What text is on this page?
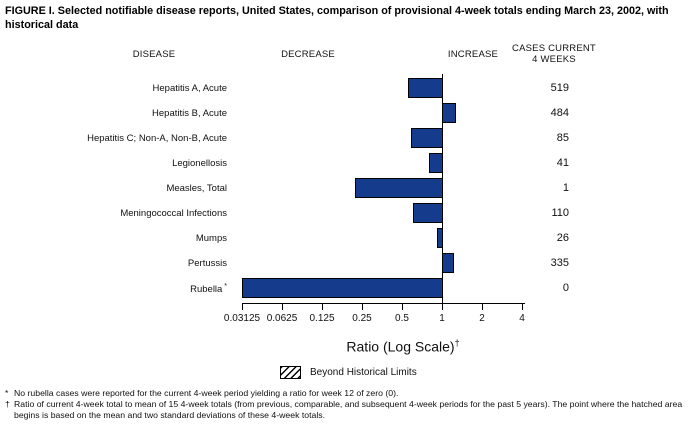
FIGURE I. Selected notifiable disease reports, United States, comparison of provisional 4-week totals ending March 23, 2002, with historical data
DISEASE	DECREASE	INCREASE
CASES CURRENT
4 WEEKS
Ratio (Log Scale)†
0.03125 0.0625	0.125	0.25	0.5	1	2	4
Hepatitis A, Acute	519
Hepatitis B, Acute	484
Hepatitis C; Non-A, Non-B, Acute	85
Legionellosis	41
Measles, Total	1
Meningococcal Infections	110
Mumps	26
Pertussis	335
Rubella *	0
Beyond Historical Limits
* No rubella cases were reported for the current 4-week period yielding a ratio for week 12 of zero (0).
† Ratio of current 4-week total to mean of 15 4-week totals (from previous, comparable, and subsequent 4-week periods for the past 5 years). The point where the hatched area begins is based on the mean and two standard deviations of these 4-week totals.
